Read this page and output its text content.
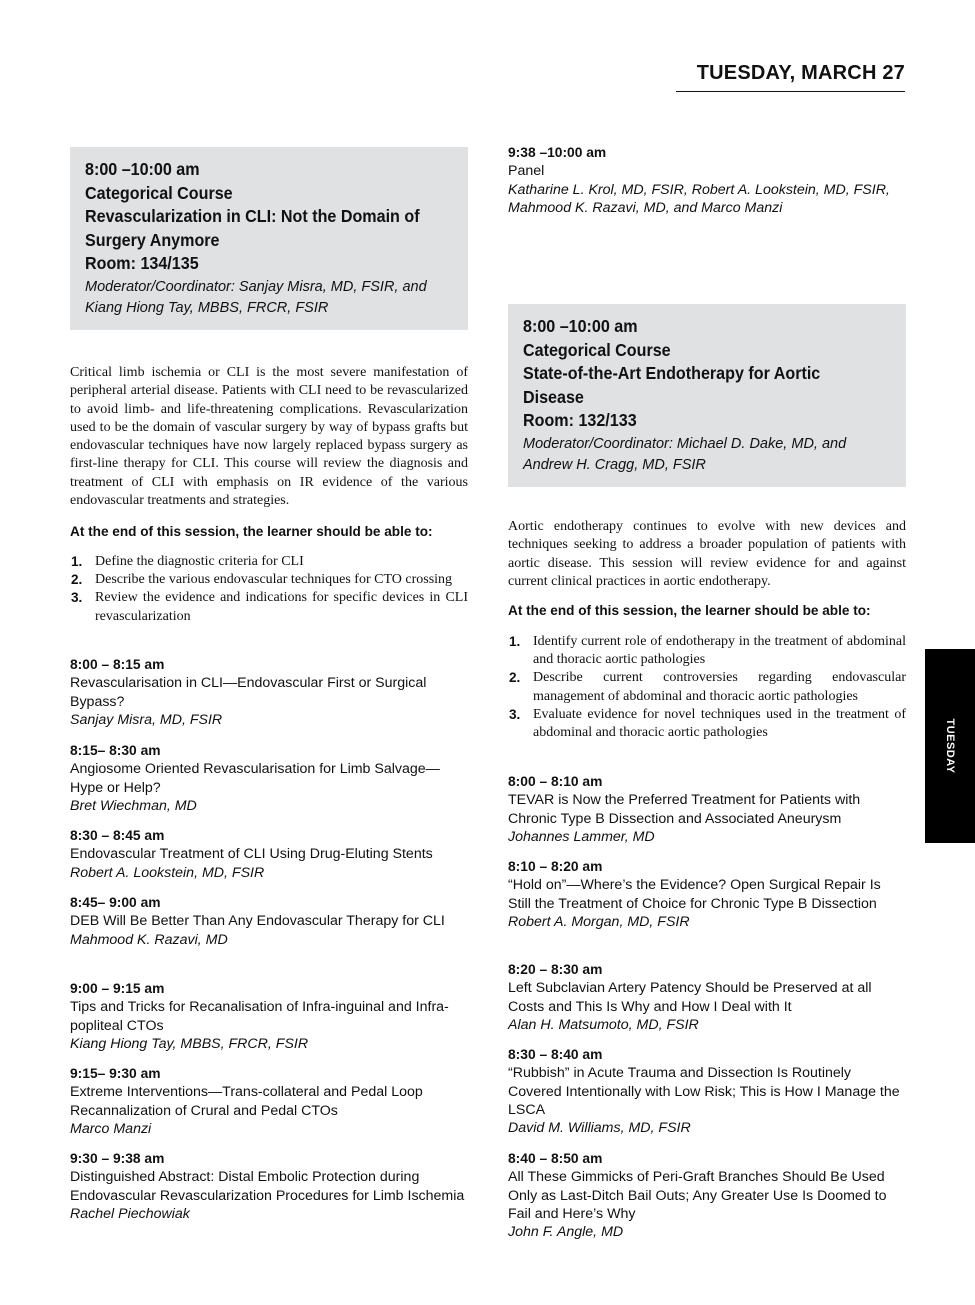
TUESDAY, MARCH 27
TUESDAY
8:00 –10:00 am
Categorical Course
Revascularization in CLI: Not the Domain of
Surgery Anymore
Room: 134/135
Moderator/Coordinator: Sanjay Misra, MD, FSIR, and
Kiang Hiong Tay, MBBS, FRCR, FSIR
Critical limb ischemia or CLI is the most severe manifestation of peripheral arterial disease. Patients with CLI need to be revascularized to avoid limb- and life-threatening complications. Revascularization used to be the domain of vascular surgery by way of bypass grafts but endovascular techniques have now largely replaced bypass surgery as first-line therapy for CLI. This course will review the diagnosis and treatment of CLI with emphasis on IR evidence of the various endovascular treatments and strategies.
At the end of this session, the learner should be able to:
1. Define the diagnostic criteria for CLI
2. Describe the various endovascular techniques for CTO crossing
3. Review the evidence and indications for specific devices in CLI revascularization
8:00 – 8:15 am
Revascularisation in CLI—Endovascular First or Surgical Bypass?
Sanjay Misra, MD, FSIR
8:15– 8:30 am
Angiosome Oriented Revascularisation for Limb Salvage—Hype or Help?
Bret Wiechman, MD
8:30 – 8:45 am
Endovascular Treatment of CLI Using Drug-Eluting Stents
Robert A. Lookstein, MD, FSIR
8:45– 9:00 am
DEB Will Be Better Than Any Endovascular Therapy for CLI
Mahmood K. Razavi, MD
9:00 – 9:15 am
Tips and Tricks for Recanalisation of Infra-inguinal and Infra-popliteal CTOs
Kiang Hiong Tay, MBBS, FRCR, FSIR
9:15– 9:30 am
Extreme Interventions—Trans-collateral and Pedal Loop Recannalization of Crural and Pedal CTOs
Marco Manzi
9:30 – 9:38 am
Distinguished Abstract: Distal Embolic Protection during Endovascular Revascularization Procedures for Limb Ischemia
Rachel Piechowiak
9:38 –10:00 am
Panel
Katharine L. Krol, MD, FSIR, Robert A. Lookstein, MD, FSIR, Mahmood K. Razavi, MD, and Marco Manzi
8:00 –10:00 am
Categorical Course
State-of-the-Art Endotherapy for Aortic
Disease
Room: 132/133
Moderator/Coordinator: Michael D. Dake, MD, and
Andrew H. Cragg, MD, FSIR
Aortic endotherapy continues to evolve with new devices and techniques seeking to address a broader population of patients with aortic disease. This session will review evidence for and against current clinical practices in aortic endotherapy.
At the end of this session, the learner should be able to:
1. Identify current role of endotherapy in the treatment of abdominal and thoracic aortic pathologies
2. Describe current controversies regarding endovascular management of abdominal and thoracic aortic pathologies
3. Evaluate evidence for novel techniques used in the treatment of abdominal and thoracic aortic pathologies
8:00 – 8:10 am
TEVAR is Now the Preferred Treatment for Patients with Chronic Type B Dissection and Associated Aneurysm
Johannes Lammer, MD
8:10 – 8:20 am
“Hold on”—Where’s the Evidence? Open Surgical Repair Is Still the Treatment of Choice for Chronic Type B Dissection
Robert A. Morgan, MD, FSIR
8:20 – 8:30 am
Left Subclavian Artery Patency Should be Preserved at all Costs and This Is Why and How I Deal with It
Alan H. Matsumoto, MD, FSIR
8:30 – 8:40 am
“Rubbish” in Acute Trauma and Dissection Is Routinely Covered Intentionally with Low Risk; This is How I Manage the LSCA
David M. Williams, MD, FSIR
8:40 – 8:50 am
All These Gimmicks of Peri-Graft Branches Should Be Used Only as Last-Ditch Bail Outs; Any Greater Use Is Doomed to Fail and Here’s Why
John F. Angle, MD
